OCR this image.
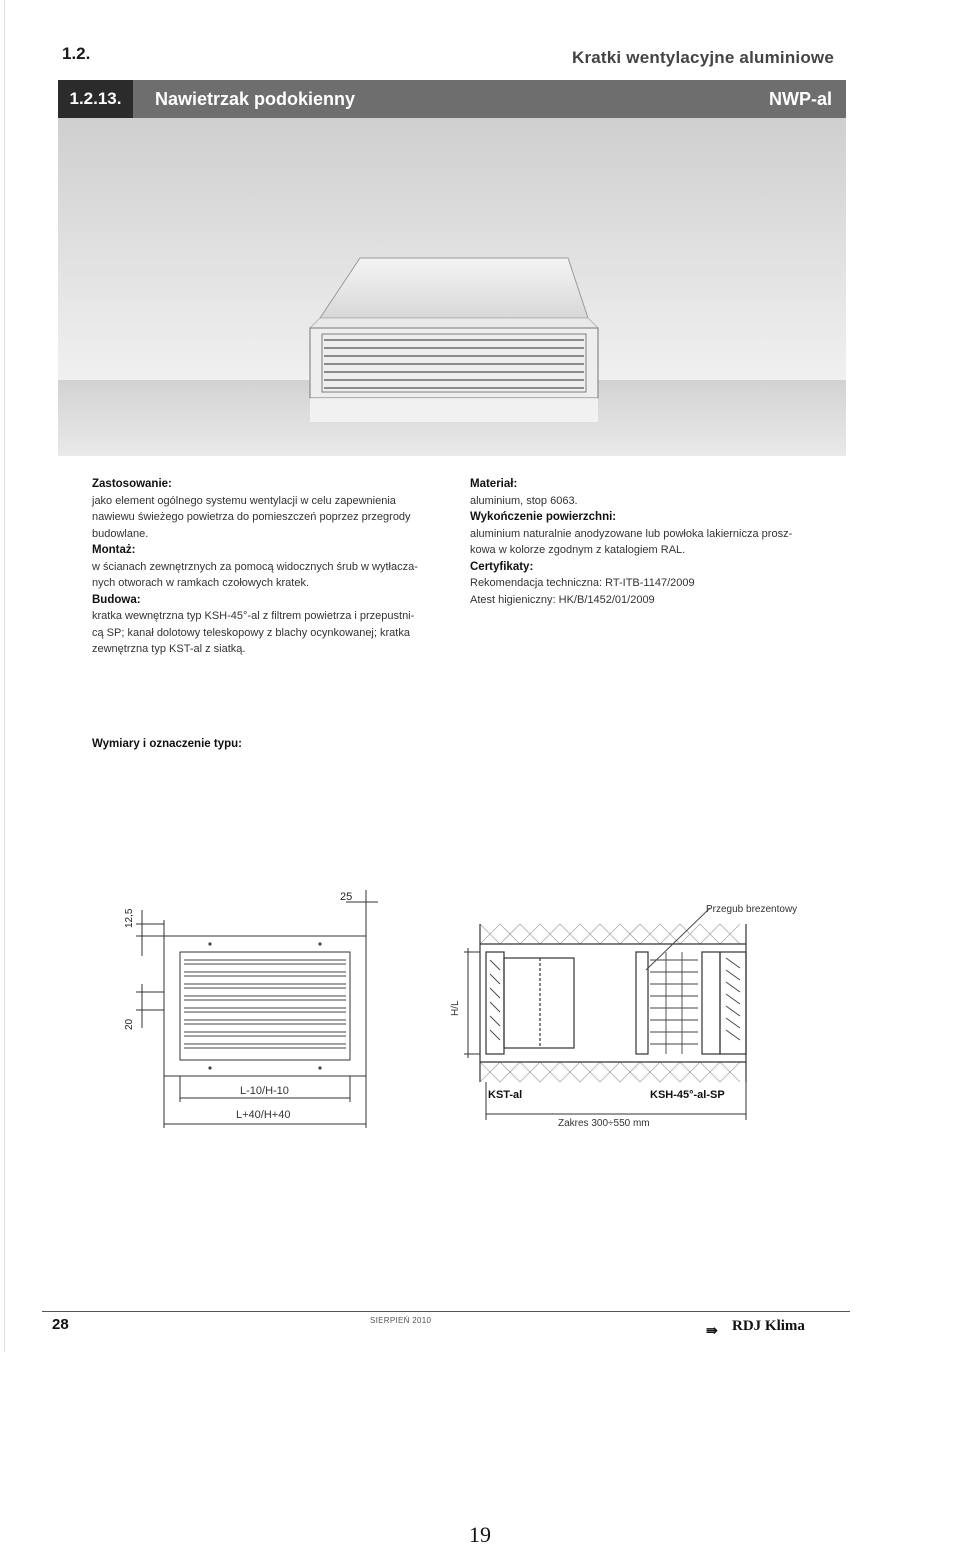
1.2.	Kratki wentylacyjne aluminiowe
1.2.13.	Nawietrzak podokienny	NWP-al

Zastosowanie:

jako element ogólnego systemu wentylacji w celu zapewnienia

nawiewu świeżego powietrza do pomieszczeń poprzez przegrody

budowlane.

Montaż:

w ścianach zewnętrznych za pomocą widocznych śrub w wytłacza-

nych otworach w ramkach czołowych kratek.

Budowa:

kratka wewnętrzna typ KSH-45°-al z filtrem powietrza i przepustni-

cą SP; kanał dolotowy teleskopowy z blachy ocynkowanej; kratka

zewnętrzna typ KST-al z siatką.

Materiał:

aluminium, stop 6063.

Wykończenie powierzchni:

aluminium naturalnie anodyzowane lub powłoka lakiernicza prosz-

kowa w kolorze zgodnym z katalogiem RAL.

Certyfikaty:

Rekomendacja techniczna: RT-ITB-1147/2009

Atest higieniczny: HK/B/1452/01/2009

Wymiary i oznaczenie typu:
25
12,5
20
L-10/H-10
L+40/H+40
Przegub brezentowy
H/L
KST-al	KSH-45°-al-SP
Zakres 300÷550 mm
28	SIERPIEŃ 2010
⇛ RDJ Klima
19
